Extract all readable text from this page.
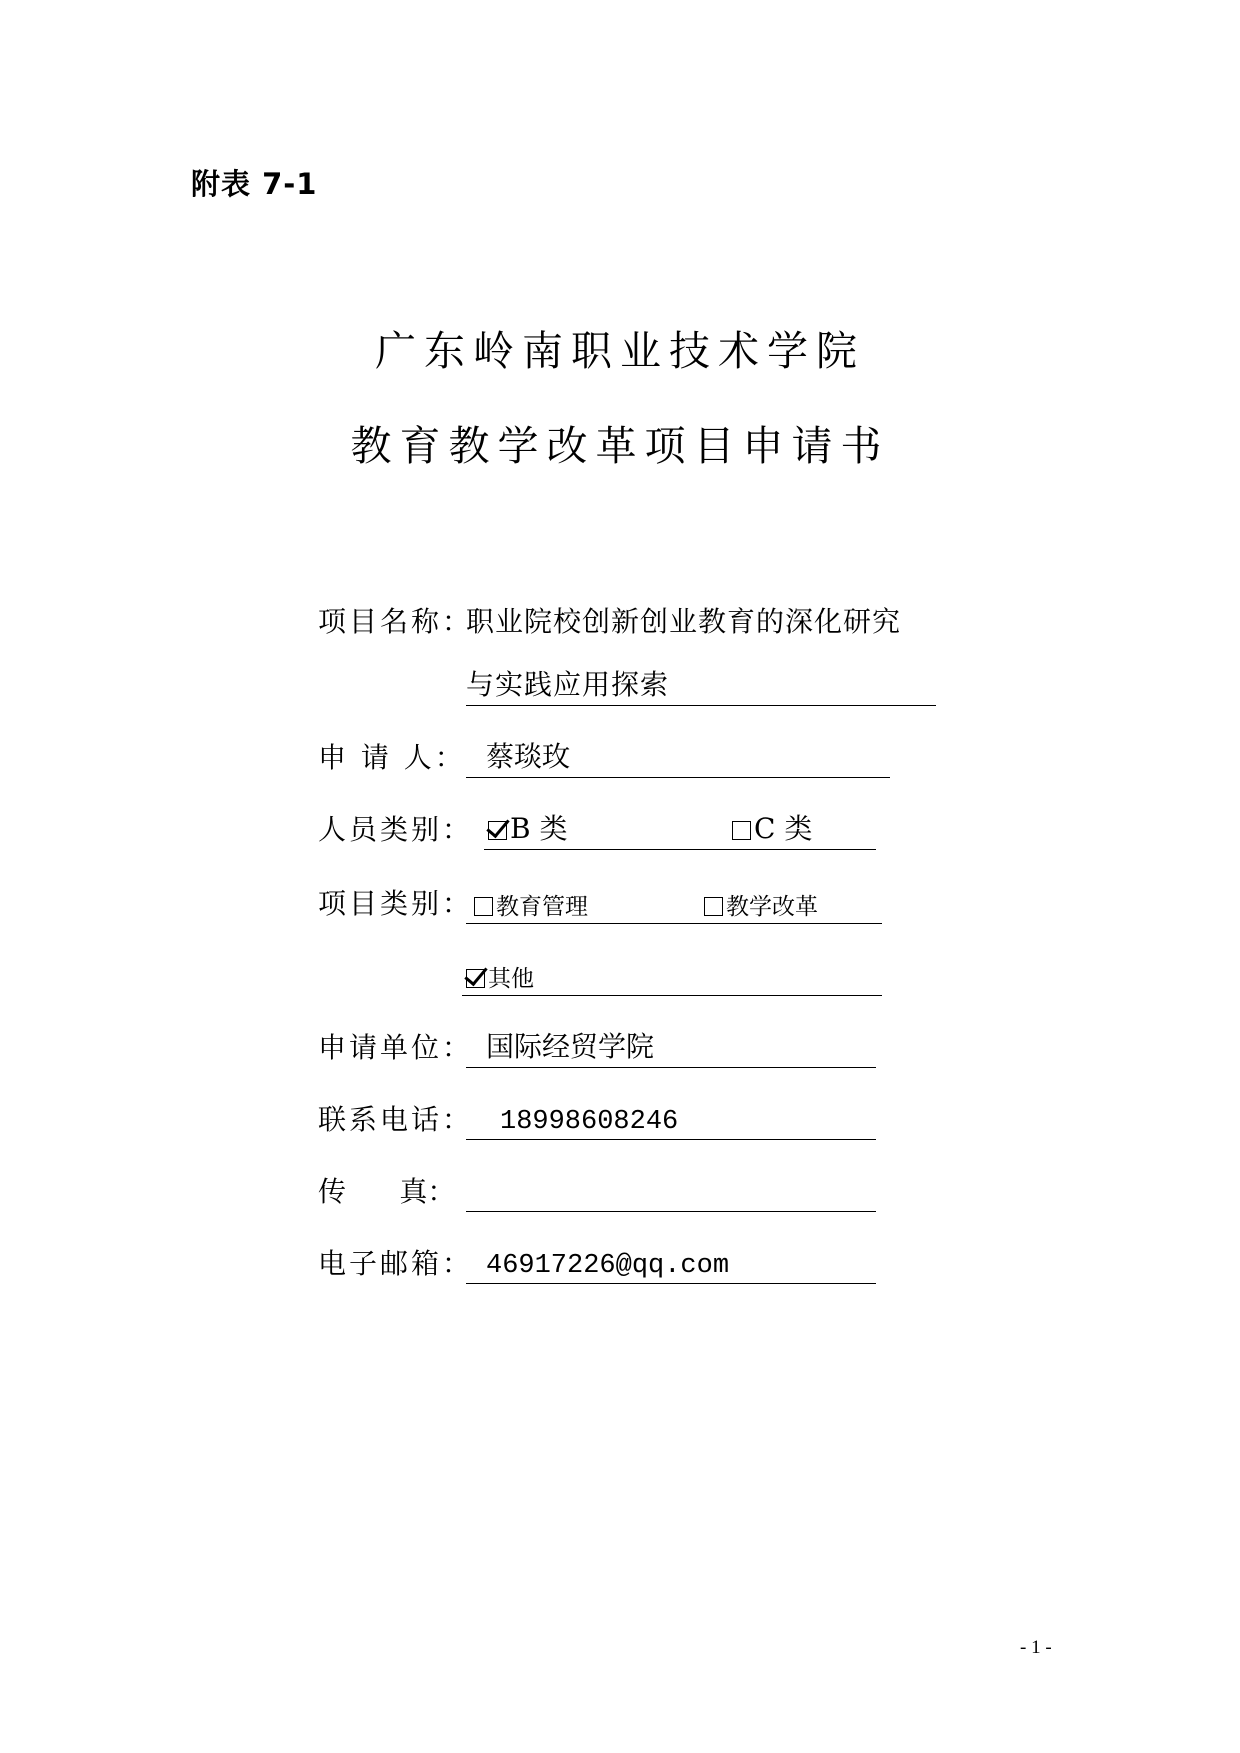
附表 7-1
广东岭南职业技术学院
教育教学改革项目申请书
项目名称：
职业院校创新创业教育的深化研究
与实践应用探索
申 请 人： 蔡琰玫
人员类别：	B 类	C 类
项目类别： 教育管理	教学改革
其他
申请单位： 国际经贸学院
联系电话： 18998608246
传      真：
电子邮箱： 46917226@qq.com
- 1 -
